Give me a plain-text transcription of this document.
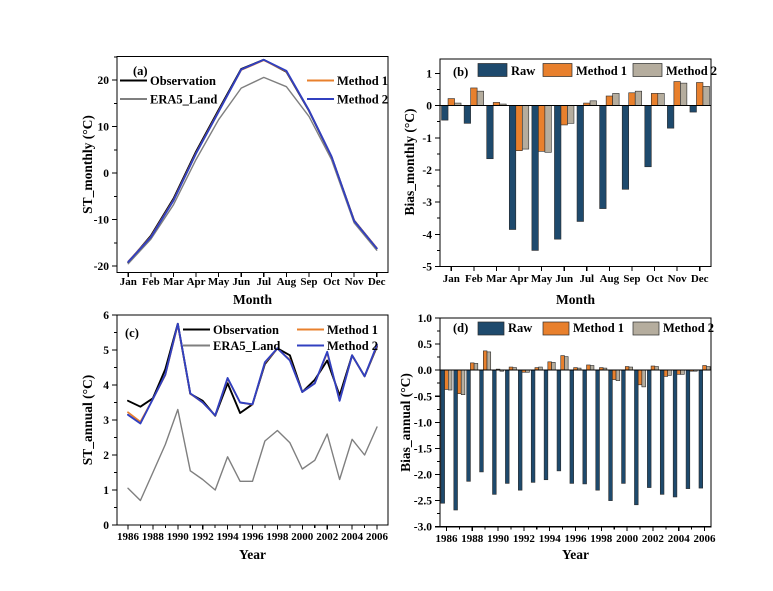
ST_monthly (°C)
Month
-20
-10
0
10
20
Jan Feb Mar Apr May Jun Jul Aug Sep Oct Nov Dec
(a)
Observation
ERA5_Land
Method 1
Method 2
Bias_monthly (°C)
Month
1
0
-1
-2
-3
-4
-5
Jan Feb Mar Apr May Jun Jul Aug Sep Oct Nov Dec
(b)	Raw	Method 1	Method 2
ST_annual (°C)
Year
0
1
2
3
4
5
6
1986 1988 1990 1992 1994 1996 1998 2000 2002 2004 2006
(c)	Observation
ERA5_Land
Method 1
Method 2
Bias_annual (°C)
Year
1.0
0.5
0.0
-0.5
-1.0
-1.5
-2.0
-2.5
-3.0
1986 1988 1990 1992 1994 1996 1998 2000 2002 2004 2006
(d)	Raw	Method 1	Method 2
